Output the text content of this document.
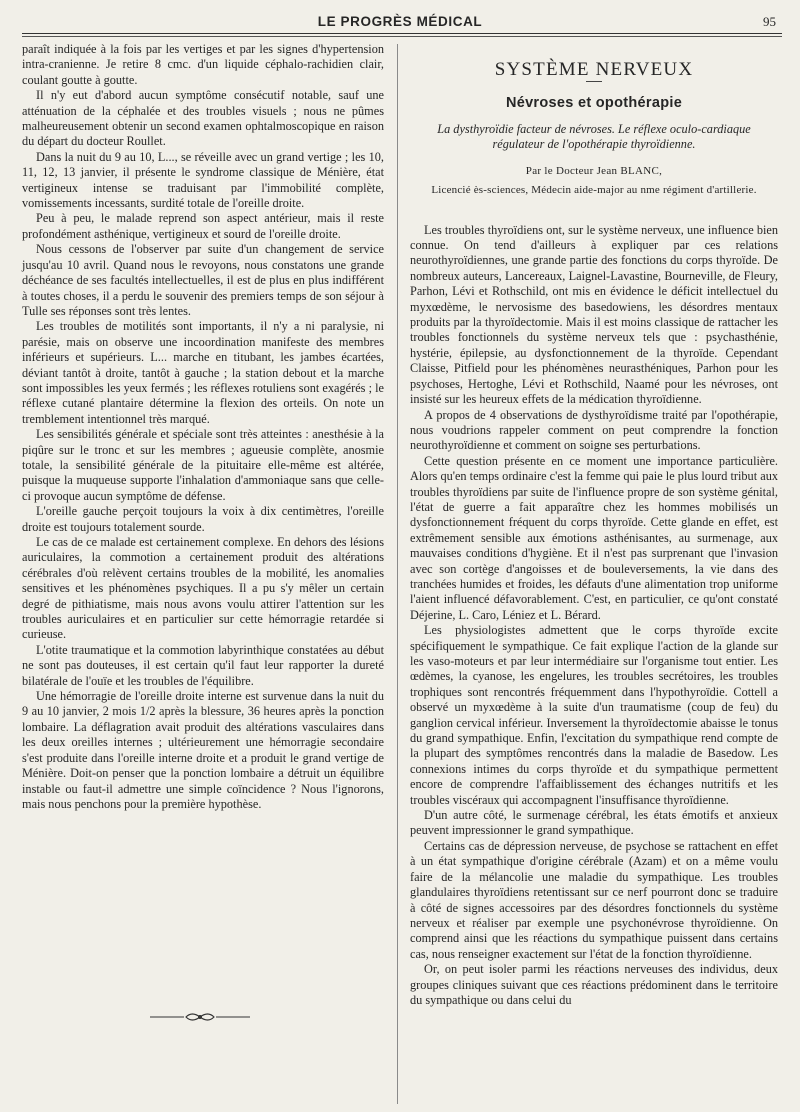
LE PROGRÈS MÉDICAL	95

paraît indiquée à la fois par les vertiges et par les signes d'hypertension intra-cranienne. Je retire 8 cmc. d'un liquide céphalo-rachidien clair, coulant goutte à goutte.

Il n'y eut d'abord aucun symptôme consécutif notable, sauf une atténuation de la céphalée et des troubles visuels ; nous ne pûmes malheureusement obtenir un second examen ophtalmoscopique en raison du départ du docteur Roullet.

Dans la nuit du 9 au 10, L..., se réveille avec un grand vertige ; les 10, 11, 12, 13 janvier, il présente le syndrome classique de Ménière, état vertigineux intense se traduisant par l'immobilité complète, vomissements incessants, surdité totale de l'oreille droite.

Peu à peu, le malade reprend son aspect antérieur, mais il reste profondément asthénique, vertigineux et sourd de l'oreille droite.

Nous cessons de l'observer par suite d'un changement de service jusqu'au 10 avril. Quand nous le revoyons, nous constatons une grande déchéance de ses facultés intellectuelles, il est de plus en plus indifférent à toutes choses, il a perdu le souvenir des premiers temps de son séjour à Tulle ses réponses sont très lentes.

Les troubles de motilités sont importants, il n'y a ni paralysie, ni parésie, mais on observe une incoordination manifeste des membres inférieurs et supérieurs. L... marche en titubant, les jambes écartées, déviant tantôt à droite, tantôt à gauche ; la station debout et la marche sont impossibles les yeux fermés ; les réflexes rotuliens sont exagérés ; le réflexe cutané plantaire détermine la flexion des orteils. On note un tremblement intentionnel très marqué.

Les sensibilités générale et spéciale sont très atteintes : anesthésie à la piqûre sur le tronc et sur les membres ; agueusie complète, anosmie totale, la sensibilité générale de la pituitaire elle-même est altérée, puisque la muqueuse supporte l'inhalation d'ammoniaque sans que celle-ci provoque aucun symptôme de défense.

L'oreille gauche perçoit toujours la voix à dix centimètres, l'oreille droite est toujours totalement sourde.

Le cas de ce malade est certainement complexe. En dehors des lésions auriculaires, la commotion a certainement produit des altérations cérébrales d'où relèvent certains troubles de la mobilité, les anomalies sensitives et les phénomènes psychiques. Il a pu s'y mêler un certain degré de pithiatisme, mais nous avons voulu attirer l'attention sur les troubles auriculaires et en particulier sur cette hémorragie retardée si curieuse.

L'otite traumatique et la commotion labyrinthique constatées au début ne sont pas douteuses, il est certain qu'il faut leur rapporter la dureté bilatérale de l'ouïe et les troubles de l'équilibre.

Une hémorragie de l'oreille droite interne est survenue dans la nuit du 9 au 10 janvier, 2 mois 1/2 après la blessure, 36 heures après la ponction lombaire. La déflagration avait produit des altérations vasculaires dans les deux oreilles internes ; ultérieurement une hémorragie secondaire s'est produite dans l'oreille interne droite et a produit le grand vertige de Ménière. Doit-on penser que la ponction lombaire a détruit un équilibre instable ou faut-il admettre une simple coïncidence ? Nous l'ignorons, mais nous penchons pour la première hypothèse.

SYSTÈME NERVEUX
Névroses et opothérapie
La dysthyroïdie facteur de névroses. Le réflexe oculo-cardiaque régulateur de l'opothérapie thyroïdienne.
Par le Docteur Jean BLANC,
Licencié ès-sciences, Médecin aide-major au nme régiment d'artillerie.

Les troubles thyroïdiens ont, sur le système nerveux, une influence bien connue. On tend d'ailleurs à expliquer par ces relations neurothyroïdiennes, une grande partie des fonctions du corps thyroïde. De nombreux auteurs, Lancereaux, Laignel-Lavastine, Bourneville, de Fleury, Parhon, Lévi et Rothschild, ont mis en évidence le déficit intellectuel du myxœdème, le nervosisme des basedowiens, les désordres mentaux produits par la thyroïdectomie. Mais il est moins classique de rattacher les troubles fonctionnels du système nerveux tels que : psychasthénie, hystérie, épilepsie, au dysfonctionnement de la thyroïde. Cependant Claisse, Pitfield pour les phénomènes neurasthéniques, Parhon pour les psychoses, Hertoghe, Lévi et Rothschild, Naamé pour les névroses, ont insisté sur les heureux effets de la médication thyroïdienne.

A propos de 4 observations de dysthyroïdisme traité par l'opothérapie, nous voudrions rappeler comment on peut comprendre la fonction neurothyroïdienne et comment on soigne ses perturbations.

Cette question présente en ce moment une importance particulière. Alors qu'en temps ordinaire c'est la femme qui paie le plus lourd tribut aux troubles thyroïdiens par suite de l'influence propre de son système génital, l'état de guerre a fait apparaître chez les hommes mobilisés un dysfonctionnement fréquent du corps thyroïde. Cette glande en effet, est extrêmement sensible aux émotions asthénisantes, au surmenage, aux mauvaises conditions d'hygiène. Et il n'est pas surprenant que l'invasion avec son cortège d'angoisses et de bouleversements, la vie dans des tranchées humides et froides, les défauts d'une alimentation trop uniforme l'aient influencé défavorablement. C'est, en particulier, ce qu'ont constaté Déjerine, L. Caro, Léniez et L. Bérard.

Les physiologistes admettent que le corps thyroïde excite spécifiquement le sympathique. Ce fait explique l'action de la glande sur les vaso-moteurs et par leur intermédiaire sur l'organisme tout entier. Les œdèmes, la cyanose, les engelures, les troubles secrétoires, les troubles trophiques sont rencontrés fréquemment dans l'hypothyroïdie. Cottell a observé un myxœdème à la suite d'un traumatisme (coup de feu) du ganglion cervical inférieur. Inversement la thyroïdectomie abaisse le tonus du grand sympathique. Enfin, l'excitation du sympathique rend compte de la plupart des symptômes rencontrés dans la maladie de Basedow. Les connexions intimes du corps thyroïde et du sympathique permettent encore de comprendre l'affaiblissement des échanges nutritifs et les troubles viscéraux qui accompagnent l'insuffisance thyroïdienne.

D'un autre côté, le surmenage cérébral, les états émotifs et anxieux peuvent impressionner le grand sympathique.

Certains cas de dépression nerveuse, de psychose se rattachent en effet à un état sympathique d'origine cérébrale (Azam) et on a même voulu faire de la mélancolie une maladie du sympathique. Les troubles glandulaires thyroïdiens retentissant sur ce nerf pourront donc se traduire à côté de signes accessoires par des désordres fonctionnels du système nerveux et réaliser par exemple une psychonévrose thyroïdienne. On comprend ainsi que les réactions du sympathique puissent dans certains cas, nous renseigner exactement sur l'état de la fonction thyroïdienne.

Or, on peut isoler parmi les réactions nerveuses des individus, deux groupes cliniques suivant que ces réactions prédominent dans le territoire du sympathique ou dans celui du
